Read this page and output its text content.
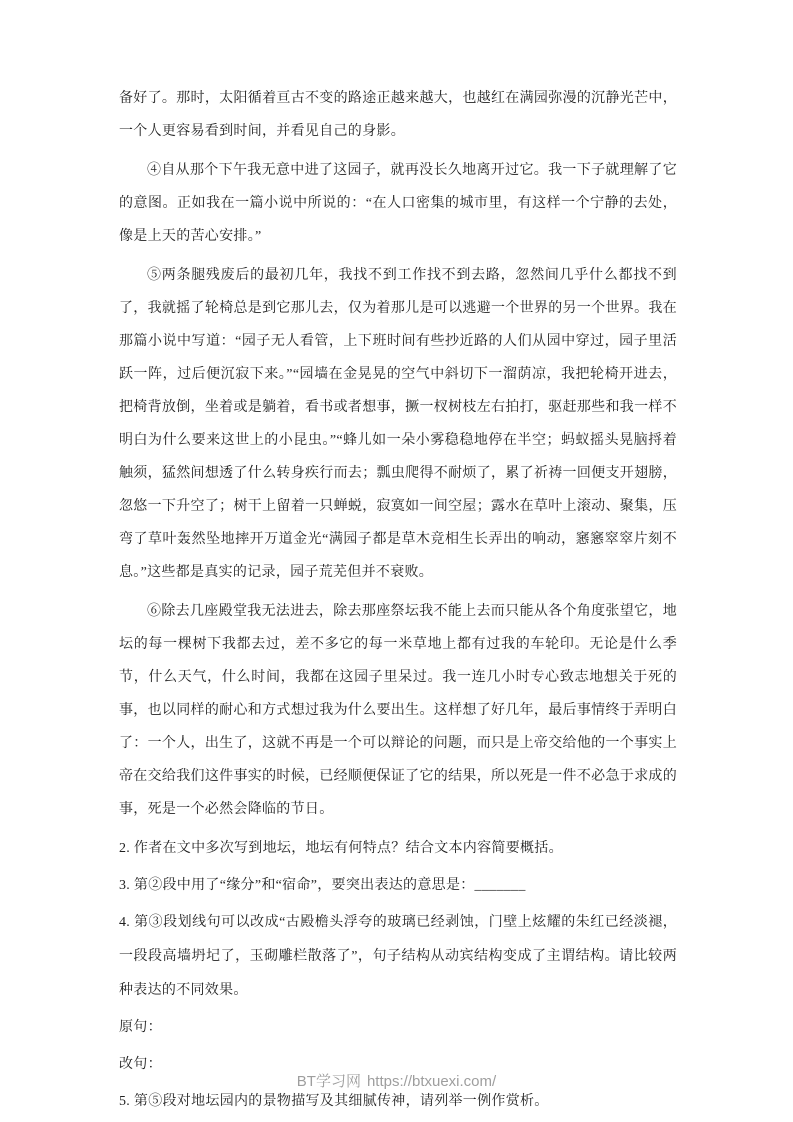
备好了。那时，太阳循着亘古不变的路途正越来越大，也越红在满园弥漫的沉静光芒中，一个人更容易看到时间，并看见自己的身影。

④自从那个下午我无意中进了这园子，就再没长久地离开过它。我一下子就理解了它的意图。正如我在一篇小说中所说的：“在人口密集的城市里，有这样一个宁静的去处，像是上天的苦心安排。”

⑤两条腿残废后的最初几年，我找不到工作找不到去路，忽然间几乎什么都找不到了，我就摇了轮椅总是到它那儿去，仅为着那儿是可以逃避一个世界的另一个世界。我在那篇小说中写道：“园子无人看管，上下班时间有些抄近路的人们从园中穿过，园子里活跃一阵，过后便沉寂下来。”“园墙在金晃晃的空气中斜切下一溜荫凉，我把轮椅开进去，把椅背放倒，坐着或是躺着，看书或者想事，撅一杈树枝左右拍打，驱赶那些和我一样不明白为什么要来这世上的小昆虫。”“蜂儿如一朵小雾稳稳地停在半空；蚂蚁摇头晃脑捋着触须，猛然间想透了什么转身疾行而去；瓢虫爬得不耐烦了，累了祈祷一回便支开翅膀，忽悠一下升空了；树干上留着一只蝉蜕，寂寞如一间空屋；露水在草叶上滚动、聚集，压弯了草叶轰然坠地摔开万道金光“满园子都是草木竞相生长弄出的响动，窸窸窣窣片刻不息。”这些都是真实的记录，园子荒芜但并不衰败。

⑥除去几座殿堂我无法进去，除去那座祭坛我不能上去而只能从各个角度张望它，地坛的每一棵树下我都去过，差不多它的每一米草地上都有过我的车轮印。无论是什么季节，什么天气，什么时间，我都在这园子里呆过。我一连几小时专心致志地想关于死的事，也以同样的耐心和方式想过我为什么要出生。这样想了好几年，最后事情终于弄明白了：一个人，出生了，这就不再是一个可以辩论的问题，而只是上帝交给他的一个事实上帝在交给我们这件事实的时候，已经顺便保证了它的结果，所以死是一件不必急于求成的事，死是一个必然会降临的节日。

2. 作者在文中多次写到地坛，地坛有何特点？结合文本内容简要概括。

3. 第②段中用了“缘分”和“宿命”，要突出表达的意思是：_______

4. 第③段划线句可以改成“古殿檐头浮夸的玻璃已经剥蚀，门壁上炫耀的朱红已经淡褪，一段段高墙坍圮了，玉砌雕栏散落了”，句子结构从动宾结构变成了主谓结构。请比较两种表达的不同效果。

原句：

改句：

5. 第⑤段对地坛园内的景物描写及其细腻传神，请列举一例作赏析。

BT学习网 https://btxuexi.com/
